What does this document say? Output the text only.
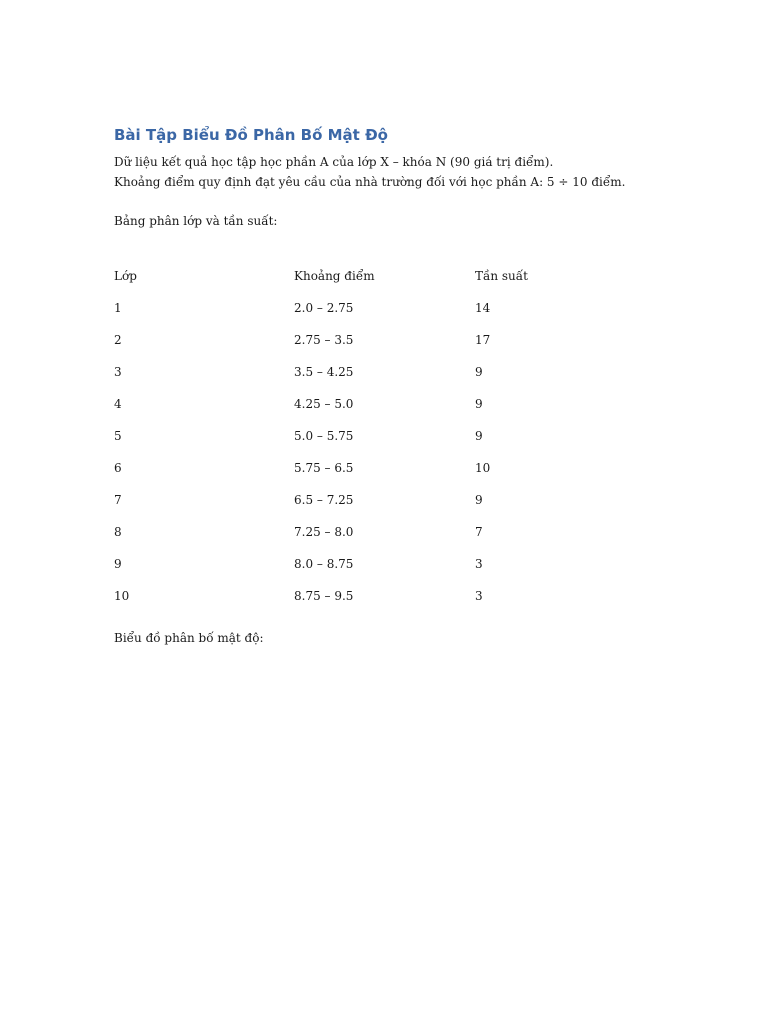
Bài Tập Biểu Đồ Phân Bố Mật Độ

Dữ liệu kết quả học tập học phần A của lớp X – khóa N (90 giá trị điểm).

Khoảng điểm quy định đạt yêu cầu của nhà trường đối với học phần A: 5 ÷ 10 điểm.

Bảng phân lớp và tần suất:

Lớp	Khoảng điểm	Tần suất
1	2.0 – 2.75	14
2	2.75 – 3.5	17
3	3.5 – 4.25	9
4	4.25 – 5.0	9
5	5.0 – 5.75	9
6	5.75 – 6.5	10
7	6.5 – 7.25	9
8	7.25 – 8.0	7
9	8.0 – 8.75	3
10	8.75 – 9.5	3

Biểu đồ phân bố mật độ:
